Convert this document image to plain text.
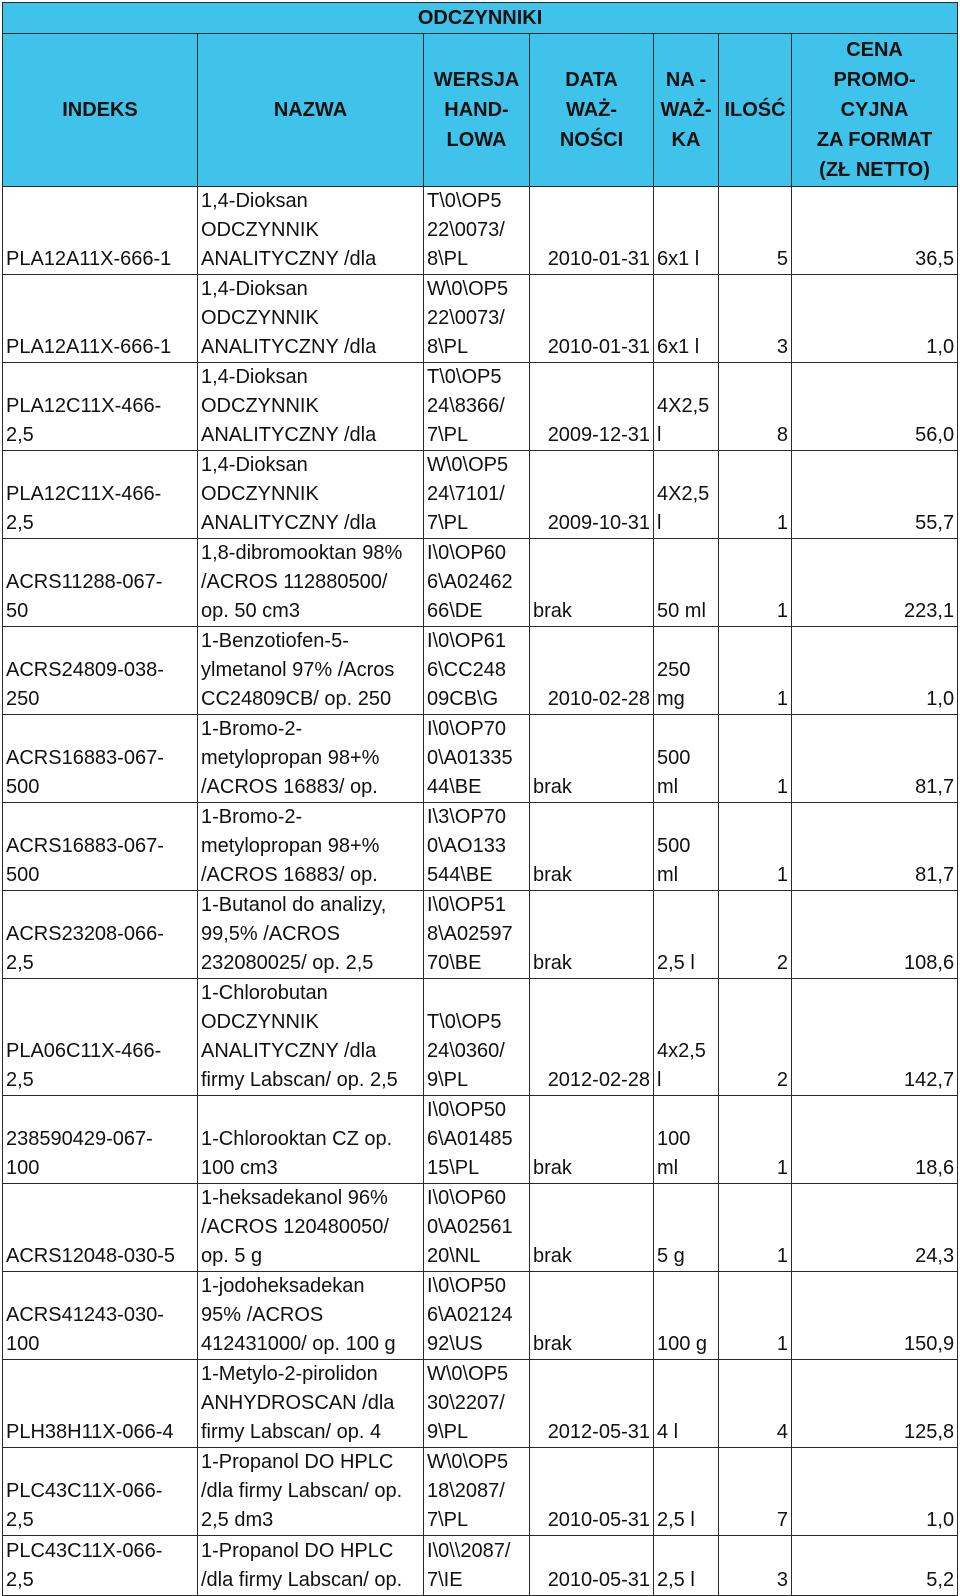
ODCZYNNIKI						
INDEKS	NAZWA	WERSJA
HAND-
LOWA	DATA
WAŻ-
NOŚCI	NA -
WAŻ-
KA	ILOŚĆ	CENA
PROMO-
CYJNA
ZA FORMAT
(ZŁ NETTO)
PLA12A11X-666-1	1,4-Dioksan
ODCZYNNIK
ANALITYCZNY /dla	T\0\OP5
22\0073/
8\PL	2010-01-31	6x1 l	5	36,5
PLA12A11X-666-1	1,4-Dioksan
ODCZYNNIK
ANALITYCZNY /dla	W\0\OP5
22\0073/
8\PL	2010-01-31	6x1 l	3	1,0
PLA12C11X-466-
2,5	1,4-Dioksan
ODCZYNNIK
ANALITYCZNY /dla	T\0\OP5
24\8366/
7\PL	2009-12-31	4X2,5
l	8	56,0
PLA12C11X-466-
2,5	1,4-Dioksan
ODCZYNNIK
ANALITYCZNY /dla	W\0\OP5
24\7101/
7\PL	2009-10-31	4X2,5
l	1	55,7
ACRS11288-067-
50	1,8-dibromooktan 98%
/ACROS 112880500/
op. 50 cm3	I\0\OP60
6\A02462
66\DE	brak	50 ml	1	223,1
ACRS24809-038-
250	1-Benzotiofen-5-
ylmetanol 97% /Acros
CC24809CB/ op. 250	I\0\OP61
6\CC248
09CB\G	2010-02-28	250
mg	1	1,0
ACRS16883-067-
500	1-Bromo-2-
metylopropan 98+%
/ACROS 16883/ op.	I\0\OP70
0\A01335
44\BE	brak	500
ml	1	81,7
ACRS16883-067-
500	1-Bromo-2-
metylopropan 98+%
/ACROS 16883/ op.	I\3\OP70
0\AO133
544\BE	brak	500
ml	1	81,7
ACRS23208-066-
2,5	1-Butanol do analizy,
99,5% /ACROS
232080025/ op. 2,5	I\0\OP51
8\A02597
70\BE	brak	2,5 l	2	108,6
PLA06C11X-466-
2,5	1-Chlorobutan
ODCZYNNIK
ANALITYCZNY /dla
firmy Labscan/ op. 2,5	T\0\OP5
24\0360/
9\PL	2012-02-28	4x2,5
l	2	142,7
238590429-067-
100	1-Chlorooktan CZ op.
100 cm3	I\0\OP50
6\A01485
15\PL	brak	100
ml	1	18,6
ACRS12048-030-5	1-heksadekanol 96%
/ACROS 120480050/
op. 5 g	I\0\OP60
0\A02561
20\NL	brak	5 g	1	24,3
ACRS41243-030-
100	1-jodoheksadekan
95% /ACROS
412431000/ op. 100 g	I\0\OP50
6\A02124
92\US	brak	100 g	1	150,9
PLH38H11X-066-4	1-Metylo-2-pirolidon
ANHYDROSCAN /dla
firmy Labscan/ op. 4	W\0\OP5
30\2207/
9\PL	2012-05-31	4 l	4	125,8
PLC43C11X-066-
2,5	1-Propanol DO HPLC
/dla firmy Labscan/ op.
2,5 dm3	W\0\OP5
18\2087/
7\PL	2010-05-31	2,5 l	7	1,0
PLC43C11X-066-
2,5	1-Propanol DO HPLC
/dla firmy Labscan/ op.	I\0\\2087/
7\IE	2010-05-31	2,5 l	3	5,2
